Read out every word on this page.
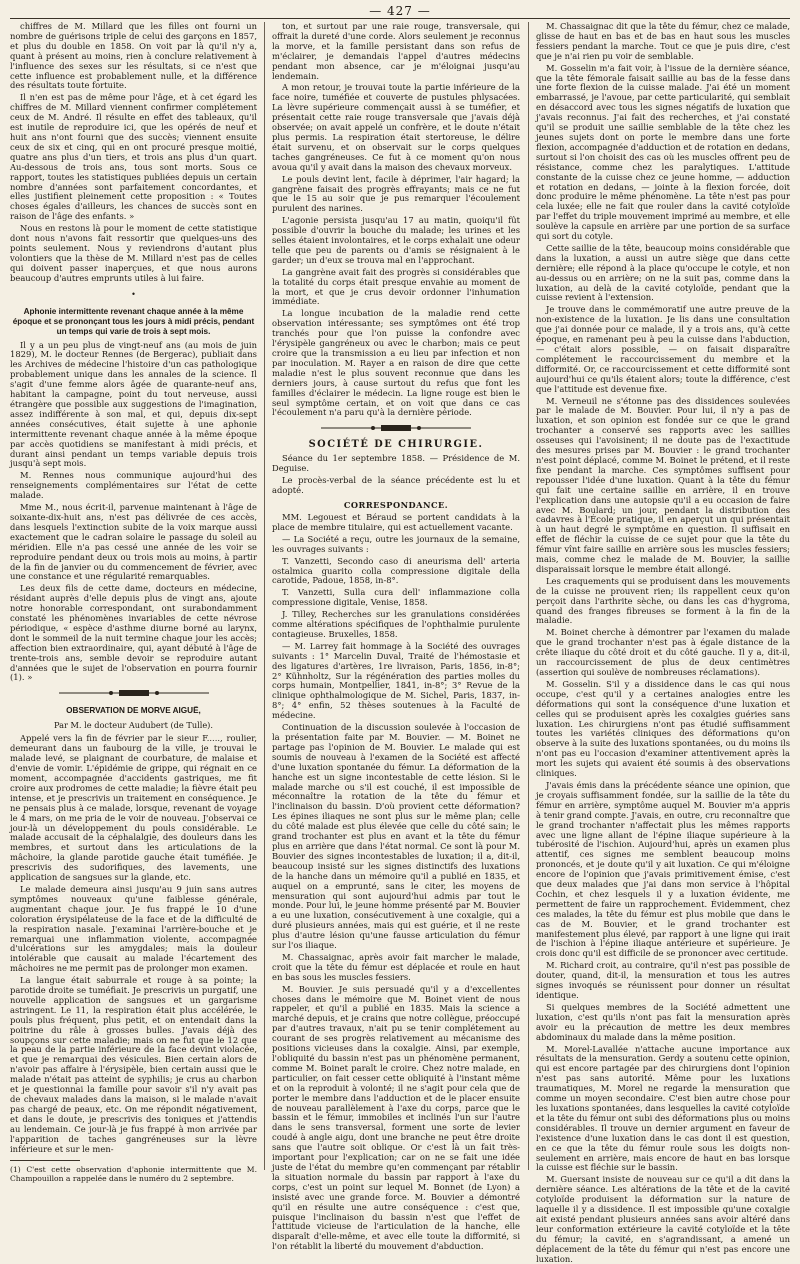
— 427 —

chiffres de M. Millard que les filles ont fourni un nombre de guérisons triple de celui des garçons en 1857, et plus du double en 1858. On voit par là qu'il n'y a, quant à présent au moins, rien à conclure relativement à l'influence des sexes sur les résultats, si ce n'est que cette influence est probablement nulle, et la différence des résultats toute fortuite.

Il n'en est pas de même pour l'âge, et à cet égard les chiffres de M. Millard viennent confirmer complétement ceux de M. André. Il résulte en effet des tableaux, qu'il est inutile de reproduire ici, que les opérés de neuf et huit ans n'ont fourni que des succès; viennent ensuite ceux de six et cinq, qui en ont procuré presque moitié, quatre ans plus d'un tiers, et trois ans plus d'un quart. Au-dessous de trois ans, tous sont morts. Sous ce rapport, toutes les statistiques publiées depuis un certain nombre d'années sont parfaitement concordantes, et elles justifient pleinement cette proposition : « Toutes choses égales d'ailleurs, les chances de succès sont en raison de l'âge des enfants. »

Nous en restons là pour le moment de cette statistique dont nous n'avons fait ressortir que quelques-uns des points seulement. Nous y reviendrons d'autant plus volontiers que la thèse de M. Millard n'est pas de celles qui doivent passer inaperçues, et que nous aurons beaucoup d'autres emprunts utiles à lui faire.

•
Aphonie intermittente revenant chaque année à la même époque et se prononçant tous les jours à midi précis, pendant un temps qui varie de trois à sept mois.

Il y a un peu plus de vingt-neuf ans (au mois de juin 1829), M. le docteur Rennes (de Bergerac), publiait dans les Archives de médecine l'histoire d'un cas pathologique probablement unique dans les annales de la science. Il s'agit d'une femme alors âgée de quarante-neuf ans, habitant la campagne, point du tout nerveuse, aussi étrangère que possible aux suggestions de l'imagination, assez indifférente à son mal, et qui, depuis dix-sept années consécutives, était sujette à une aphonie intermittente revenant chaque année à la même époque par accès quotidiens se manifestant à midi précis, et durant ainsi pendant un temps variable depuis trois jusqu'à sept mois.

M. Rennes nous communique aujourd'hui des renseignements complémentaires sur l'état de cette malade.

Mme M., nous écrit-il, parvenue maintenant à l'âge de soixante-dix-huit ans, n'est pas délivrée de ces accès, dans lesquels l'extinction subite de la voix marque aussi exactement que le cadran solaire le passage du soleil au méridien. Elle n'a pas cessé une année de les voir se reproduire pendant deux ou trois mois au moins, à partir de la fin de janvier ou du commencement de février, avec une constance et une régularité remarquables.

Les deux fils de cette dame, docteurs en médecine, résidant auprès d'elle depuis plus de vingt ans, ajoute notre honorable correspondant, ont surabondamment constaté les phénomènes invariables de cette névrose périodique, « espèce d'asthme diurne borné au larynx, dont le sommeil de la nuit termine chaque jour les accès; affection bien extraordinaire, qui, ayant débuté à l'âge de trente-trois ans, semble devoir se reproduire autant d'années que le sujet de l'observation en pourra fournir (1). »

OBSERVATION DE MORVE AIGUË,
Par M. le docteur Audubert (de Tulle).

Appelé vers la fin de février par le sieur F....., roulier, demeurant dans un faubourg de la ville, je trouvai le malade levé, se plaignant de courbature, de malaise et d'envie de vomir. L'épidémie de grippe, qui régnait en ce moment, accompagnée d'accidents gastriques, me fit croire aux prodromes de cette maladie; la fièvre était peu intense, et je prescrivis un traitement en conséquence. Je ne pensais plus à ce malade, lorsque, revenant de voyage le 4 mars, on me pria de le voir de nouveau. J'observai ce jour-là un développement du pouls considérable. Le malade accusait de la céphalalgie, des douleurs dans les membres, et surtout dans les articulations de la mâchoire, la glande parotide gauche était tuméfiée. Je prescrivis des sudorifiques, des lavements, une application de sangsues sur la glande, etc.

Le malade demeura ainsi jusqu'au 9 juin sans autres symptômes nouveaux qu'une faiblesse générale, augmentant chaque jour. Je fus frappé le 10 d'une coloration érysipélateuse de la face et de la difficulté de la respiration nasale. J'examinai l'arrière-bouche et je remarquai une inflammation violente, accompagnée d'ulcérations sur les amygdales; mais la douleur intolérable que causait au malade l'écartement des mâchoires ne me permit pas de prolonger mon examen.

La langue était saburrale et rouge à sa pointe; la parotide droite se tuméfiait. Je prescrivis un purgatif, une nouvelle application de sangsues et un gargarisme astringent. Le 11, la respiration était plus accélérée, le pouls plus fréquent, plus petit, et on entendait dans la poitrine du râle à grosses bulles. J'avais déjà des soupçons sur cette maladie; mais on ne fut que le 12 que la peau de la partie inférieure de la face devint violacée, et que je remarquai des vésicules. Bien certain alors de n'avoir pas affaire à l'érysipèle, bien certain aussi que le malade n'était pas atteint de syphilis; je crus au charbon et je questionnai la famille pour savoir s'il n'y avait pas de chevaux malades dans la maison, si le malade n'avait pas chargé de peaux, etc. On me répondit négativement, et dans le doute, je prescrivis des toniques et j'attendis au lendemain. Ce jour-là je fus frappé à mon arrivée par l'apparition de taches gangréneuses sur la lèvre inférieure et sur le men-

(1) C'est cette observation d'aphonie intermittente que M. Champouillon a rappelée dans le numéro du 2 septembre.

ton, et surtout par une raie rouge, transversale, qui offrait la dureté d'une corde. Alors seulement je reconnus la morve, et la famille persistant dans son refus de m'éclairer, je demandais l'appel d'autres médecins pendant mon absence, car je m'éloignai jusqu'au lendemain.

A mon retour, je trouvai toute la partie inférieure de la face noire, tuméfiée et couverte de pustules phlysacées. La lèvre supérieure commençait aussi à se tuméfier, et présentait cette raie rouge transversale que j'avais déjà observée; on avait appelé un confrère, et le doute n'était plus permis. La respiration était stertoreuse, le délire était survenu, et on observait sur le corps quelques taches gangréneuses. Ce fut à ce moment qu'on nous avoua qu'il y avait dans la maison des chevaux morveux.

Le pouls devint lent, facile à déprimer, l'air hagard; la gangrène faisait des progrès effrayants; mais ce ne fut que le 15 au soir que je pus remarquer l'écoulement purulent des narines.

L'agonie persista jusqu'au 17 au matin, quoiqu'il fût possible d'ouvrir la bouche du malade; les urines et les selles étaient involontaires, et le corps exhalait une odeur telle que peu de parents ou d'amis se résignaient à le garder; un d'eux se trouva mal en l'approchant.

La gangrène avait fait des progrès si considérables que la totalité du corps était presque envahie au moment de la mort, et que je crus devoir ordonner l'inhumation immédiate.

La longue incubation de la maladie rend cette observation intéressante; ses symptômes ont été trop tranchés pour que l'on puisse la confondre avec l'érysipèle gangréneux ou avec le charbon; mais ce peut croire que la transmission a eu lieu par infection et non par inoculation. M. Rayer a en raison de dire que cette maladie n'est le plus souvent reconnue que dans les derniers jours, à cause surtout du refus que font les familles d'éclairer le médecin. La ligne rouge est bien le seul symptôme certain, et on voit que dans ce cas l'écoulement n'a paru qu'à la dernière période.

SOCIÉTÉ DE CHIRURGIE.

Séance du 1er septembre 1858. — Présidence de M. Deguise.

Le procès-verbal de la séance précédente est lu et adopté.

CORRESPONDANCE.

MM. Legouest et Béraud se portent candidats à la place de membre titulaire, qui est actuellement vacante.

— La Société a reçu, outre les journaux de la semaine, les ouvrages suivants :

T. Vanzetti, Secondo caso di aneurisma dell' arteria ostalmica guarito colla compressione digitale della carotide, Padoue, 1858, in-8°.

T. Vanzetti, Sulla cura dell' inflammazione colla compressione digitale, Venise, 1858.

J. Tilley, Recherches sur les granulations considérées comme altérations spécifiques de l'ophthalmie purulente contagieuse. Bruxelles, 1858.

— M. Larrey fait hommage à la Société des ouvrages suivants : 1° Marcelin Duval, Traité de l'hémostasie et des ligatures d'artères, 1re livraison, Paris, 1856, in-8°; 2° Kühnholtz, Sur la régénération des parties molles du corps humain, Montpellier, 1841, in-8°; 3° Revue de la clinique ophthalmologique de M. Sichel, Paris, 1837, in-8°; 4° enfin, 52 thèses soutenues à la Faculté de médecine.

Continuation de la discussion soulevée à l'occasion de la présentation faite par M. Bouvier. — M. Boinet ne partage pas l'opinion de M. Bouvier. Le malade qui est soumis de nouveau à l'examen de la Société est affecté d'une luxation spontanée du fémur. La déformation de la hanche est un signe incontestable de cette lésion. Si le malade marche ou s'il est couché, il est impossible de méconnaître la rotation de la tête du fémur et l'inclinaison du bassin. D'où provient cette déformation? Les épines iliaques ne sont plus sur le même plan; celle du côté malade est plus élevée que celle du côté sain; le grand trochanter est plus en avant et la tête du fémur plus en arrière que dans l'état normal. Ce sont là pour M. Bouvier des signes incontestables de luxation; il a, dit-il, beaucoup insisté sur les signes distinctifs des luxations de la hanche dans un mémoire qu'il a publié en 1835, et auquel on a emprunté, sans le citer, les moyens de mensuration qui sont aujourd'hui admis par tout le monde. Pour lui, le jeune homme présenté par M. Bouvier a eu une luxation, consécutivement à une coxalgie, qui a duré plusieurs années, mais qui est guérie, et il ne reste plus d'autre lésion qu'une fausse articulation du fémur sur l'os iliaque.

M. Chassaignac, après avoir fait marcher le malade, croit que la tête du fémur est déplacée et roule en haut en bas sous les muscles fessiers.

M. Bouvier. Je suis persuadé qu'il y a d'excellentes choses dans le mémoire que M. Boinet vient de nous rappeler, et qu'il a publié en 1835. Mais la science a marché depuis, et je crains que notre collègue, préoccupé par d'autres travaux, n'ait pu se tenir complétement au courant de ses progrès relativement au mécanisme des positions vicieuses dans la coxalgie. Ainsi, par exemple, l'obliquité du bassin n'est pas un phénomène permanent, comme M. Boinet paraît le croire. Chez notre malade, en particulier, on fait cesser cette obliquité à l'instant même et on la reproduit à volonté; il ne s'agit pour cela que de porter le membre dans l'adduction et de le placer ensuite de nouveau parallèlement à l'axe du corps, parce que le bassin et le fémur, immobiles et inclinés l'un sur l'autre dans le sens transversal, forment une sorte de levier coudé à angle aigu, dont une branche ne peut être droite sans que l'autre soit oblique. Or c'est là un fait très-important pour l'explication; car on ne se fait une idée juste de l'état du membre qu'en commençant par rétablir la situation normale du bassin par rapport à l'axe du corps, c'est un point sur lequel M. Bonnet (de Lyon) a insisté avec une grande force. M. Bouvier a démontré qu'il en résulte une autre conséquence : c'est que, puisque l'inclinaison du bassin n'est que l'effet de l'attitude vicieuse de l'articulation de la hanche, elle disparaît d'elle-même, et avec elle toute la difformité, si l'on rétablit la liberté du mouvement d'abduction.

M. Chassaignac dit que la tête du fémur, chez ce malade, glisse de haut en bas et de bas en haut sous les muscles fessiers pendant la marche. Tout ce que je puis dire, c'est que je n'ai rien pu voir de semblable.

M. Gosselin m'a fait voir, à l'issue de la dernière séance, que la tête fémorale faisait saillie au bas de la fesse dans une forte flexion de la cuisse malade. J'ai été un moment embarrassé, je l'avoue, par cette particularité, qui semblait en désaccord avec tous les signes négatifs de luxation que j'avais reconnus. J'ai fait des recherches, et j'ai constaté qu'il se produit une saillie semblable de la tête chez les jeunes sujets dont on porte le membre dans une forte flexion, accompagnée d'adduction et de rotation en dedans, surtout si l'on choisit des cas où les muscles offrent peu de résistance, comme chez les paralytiques. L'attitude constante de la cuisse chez ce jeune homme, — adduction et rotation en dedans, — jointe à la flexion forcée, doit donc produire le même phénomène. La tête n'est pas pour cela luxée; elle ne fait que rouler dans la cavité cotyloïde par l'effet du triple mouvement imprimé au membre, et elle soulève la capsule en arrière par une portion de sa surface qui sort du cotyle.

Cette saillie de la tête, beaucoup moins considérable que dans la luxation, a aussi un autre siège que dans cette dernière; elle répond à la place qu'occupe le cotyle, et non au-dessus ou en arrière; on ne la suit pas, comme dans la luxation, au delà de la cavité cotyloïde, pendant que la cuisse revient à l'extension.

Je trouve dans le commémoratif une autre preuve de la non-existence de la luxation. Je lis dans une consultation que j'ai donnée pour ce malade, il y a trois ans, qu'à cette époque, en ramenant peu à peu la cuisse dans l'abduction, — c'était alors possible, — on faisait disparaître complétement le raccourcissement du membre et la difformité. Or, ce raccourcissement et cette difformité sont aujourd'hui ce qu'ils étaient alors; toute la différence, c'est que l'attitude est devenue fixe.

M. Verneuil ne s'étonne pas des dissidences soulevées par le malade de M. Bouvier. Pour lui, il n'y a pas de luxation, et son opinion est fondée sur ce que le grand trochanter a conservé ses rapports avec les saillies osseuses qui l'avoisinent; il ne doute pas de l'exactitude des mesures prises par M. Bouvier : le grand trochanter n'est point déplacé, comme M. Boinet le prétend, et il reste fixe pendant la marche. Ces symptômes suffisent pour repousser l'idée d'une luxation. Quant à la tête du fémur qui fait une certaine saillie en arrière, il en trouve l'explication dans une autopsie qu'il a eu occasion de faire avec M. Boulard; un jour, pendant la distribution des cadavres à l'École pratique, il en aperçut un qui présentait à un haut degré le symptôme en question. Il suffisait en effet de fléchir la cuisse de ce sujet pour que la tête du fémur vînt faire saillie en arrière sous les muscles fessiers; mais, comme chez le malade de M. Bouvier, la saillie disparaissait lorsque le membre était allongé.

Les craquements qui se produisent dans les mouvements de la cuisse ne prouvent rien; ils rappellent ceux qu'on perçoit dans l'arthrite sèche, ou dans les cas d'hygroma, quand des franges fibreuses se forment à la fin de la maladie.

M. Boinet cherche à démontrer par l'examen du malade que le grand trochanter n'est pas à égale distance de la crête iliaque du côté droit et du côté gauche. Il y a, dit-il, un raccourcissement de plus de deux centimètres (assertion qui soulève de nombreuses réclamations).

M. Gosselin. S'il y a dissidence dans le cas qui nous occupe, c'est qu'il y a certaines analogies entre les déformations qui sont la conséquence d'une luxation et celles qui se produisent après les coxalgies guéries sans luxation. Les chirurgiens n'ont pas étudié suffisamment toutes les variétés cliniques des déformations qu'on observe à la suite des luxations spontanées, ou du moins ils n'ont pas eu l'occasion d'examiner attentivement après la mort les sujets qui avaient été soumis à des observations cliniques.

J'avais émis dans la précédente séance une opinion, que je croyais suffisamment fondée, sur la saillie de la tête du fémur en arrière, symptôme auquel M. Bouvier m'a appris à tenir grand compte. J'avais, en outre, cru reconnaître que le grand trochanter n'affectait plus les mêmes rapports avec une ligne allant de l'épine iliaque supérieure à la tubérosité de l'ischion. Aujourd'hui, après un examen plus attentif, ces signes me semblent beaucoup moins prononcés, et je doute qu'il y ait luxation. Ce qui m'éloigne encore de l'opinion que j'avais primitivement émise, c'est que deux malades que j'ai dans mon service à l'hôpital Cochin, et chez lesquels il y a luxation évidente, me permettent de faire un rapprochement. Évidemment, chez ces malades, la tête du fémur est plus mobile que dans le cas de M. Bouvier, et le grand trochanter est manifestement plus élevé, par rapport à une ligne qui irait de l'ischion à l'épine iliaque antérieure et supérieure. Je crois donc qu'il est difficile de se prononcer avec certitude.

M. Richard croit, au contraire, qu'il n'est pas possible de douter, quand, dit-il, la mensuration et tous les autres signes invoqués se réunissent pour donner un résultat identique.

Si quelques membres de la Société admettent une luxation, c'est qu'ils n'ont pas fait la mensuration après avoir eu la précaution de mettre les deux membres abdominaux du malade dans la même position.

M. Morel-Lavallée n'attache aucune importance aux résultats de la mensuration. Gerdy a soutenu cette opinion, qui est encore partagée par des chirurgiens dont l'opinion n'est pas sans autorité. Même pour les luxations traumatiques, M. Morel ne regarde la mensuration que comme un moyen secondaire. C'est bien autre chose pour les luxations spontanées, dans lesquelles la cavité cotyloïde et la tête du fémur ont subi des déformations plus ou moins considérables. Il trouve un dernier argument en faveur de l'existence d'une luxation dans le cas dont il est question, en ce que la tête du fémur roule sous les doigts non-seulement en arrière, mais encore de haut en bas lorsque la cuisse est fléchie sur le bassin.

M. Guersant insiste de nouveau sur ce qu'il a dit dans la dernière séance. Les altérations de la tête et de la cavité cotyloïde produisent la déformation sur la nature de laquelle il y a dissidence. Il est impossible qu'une coxalgie ait existé pendant plusieurs années sans avoir altéré dans leur conformation extérieure la cavité cotyloïde et la tête du fémur; la cavité, en s'agrandissant, a amené un déplacement de la tête du fémur qui n'est pas encore une luxation.
